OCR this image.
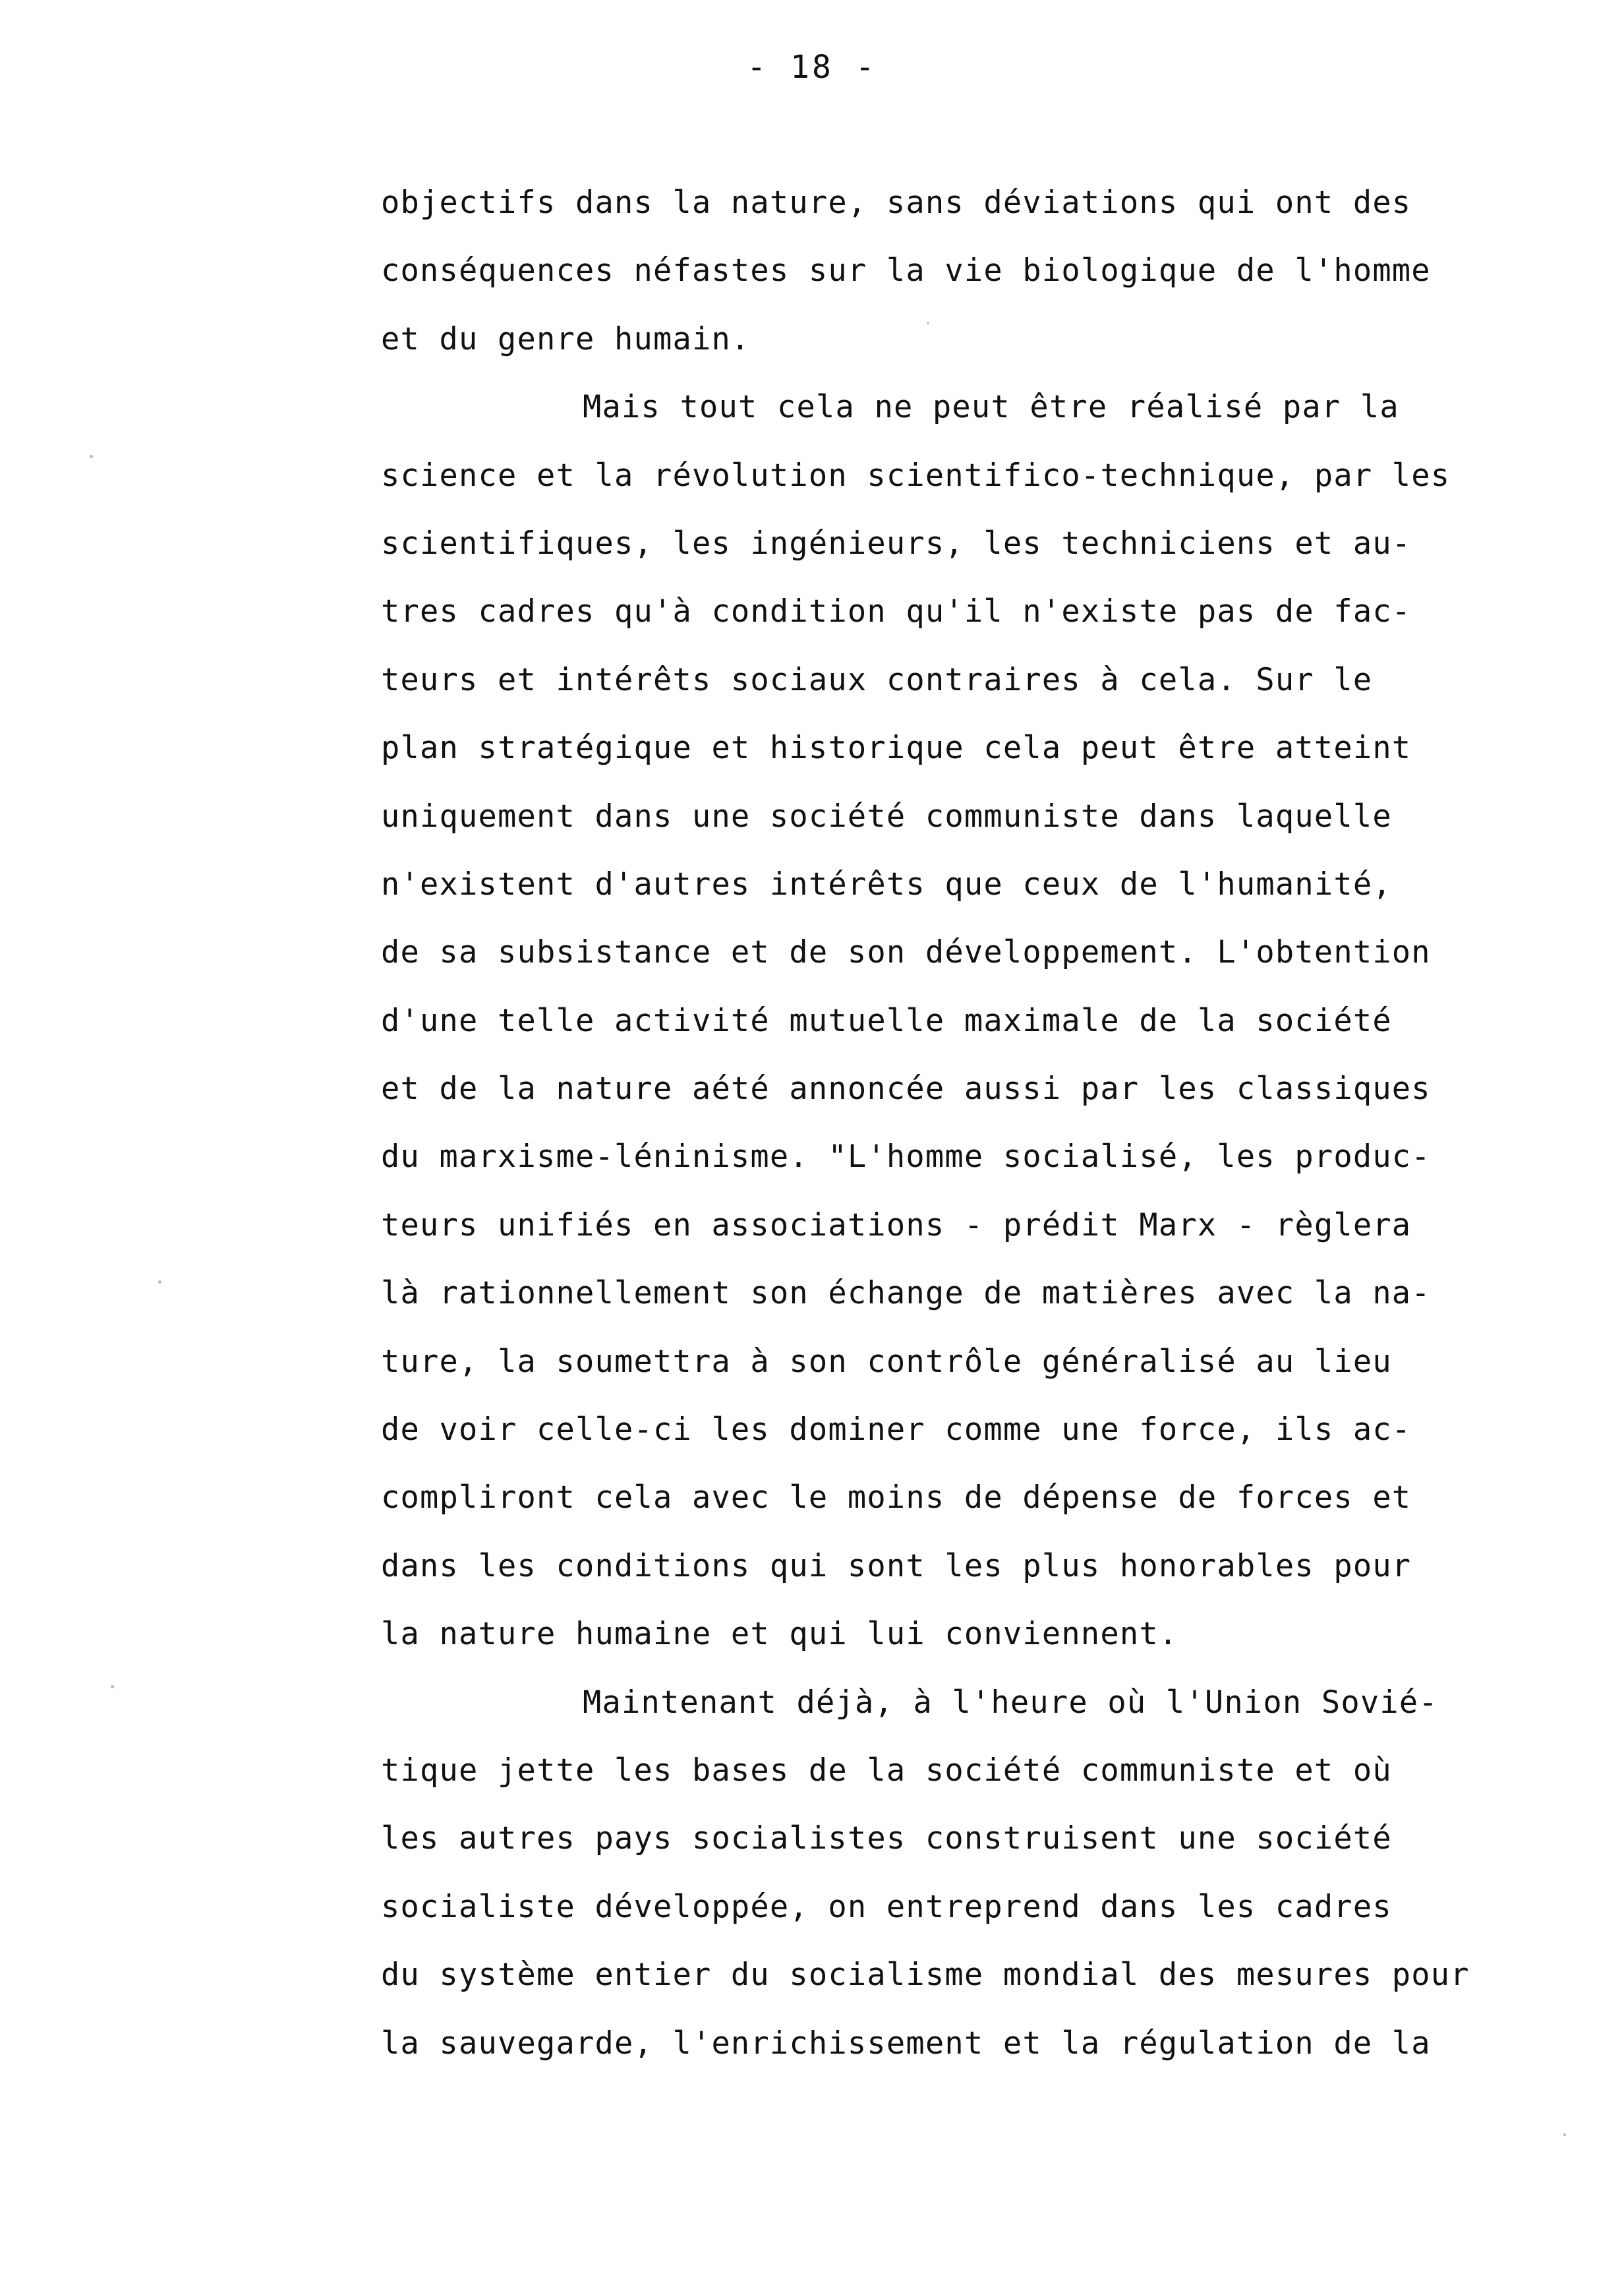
- 18 -
objectifs dans la nature, sans déviations qui ont des
conséquences néfastes sur la vie biologique de l'homme
et du genre humain.
Mais tout cela ne peut être réalisé par la
science et la révolution scientifico-technique, par les
scientifiques, les ingénieurs, les techniciens et au-
tres cadres qu'à condition qu'il n'existe pas de fac-
teurs et intérêts sociaux contraires à cela. Sur le
plan stratégique et historique cela peut être atteint
uniquement dans une société communiste dans laquelle
n'existent d'autres intérêts que ceux de l'humanité,
de sa subsistance et de son développement. L'obtention
d'une telle activité mutuelle maximale de la société
et de la nature aété annoncée aussi par les classiques
du marxisme-léninisme. "L'homme socialisé, les produc-
teurs unifiés en associations - prédit Marx - règlera
là rationnellement son échange de matières avec la na-
ture, la soumettra à son contrôle généralisé au lieu
de voir celle-ci les dominer comme une force, ils ac-
compliront cela avec le moins de dépense de forces et
dans les conditions qui sont les plus honorables pour
la nature humaine et qui lui conviennent.
Maintenant déjà, à l'heure où l'Union Sovié-
tique jette les bases de la société communiste et où
les autres pays socialistes construisent une société
socialiste développée, on entreprend dans les cadres
du système entier du socialisme mondial des mesures pour
la sauvegarde, l'enrichissement et la régulation de la
